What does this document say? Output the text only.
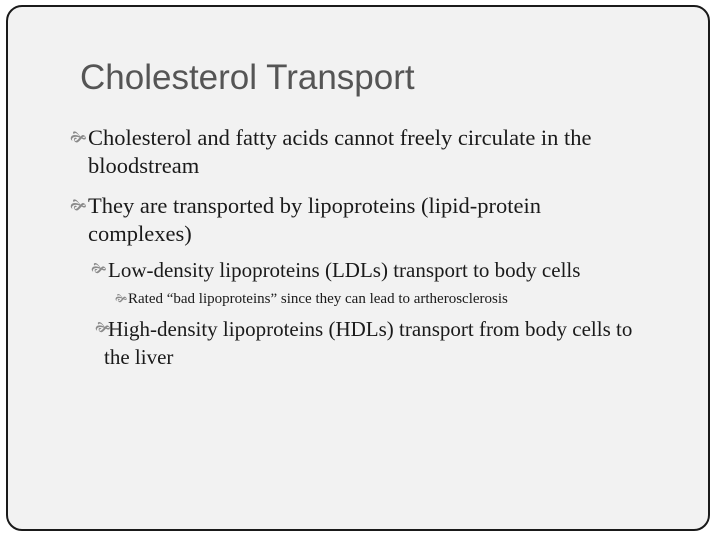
Cholesterol Transport
🙞 Cholesterol and fatty acids cannot freely circulate in the bloodstream
🙞 They are transported by lipoproteins (lipid-protein complexes)
🙞 Low-density lipoproteins (LDLs) transport to body cells
🙞 Rated “bad lipoproteins” since they can lead to artherosclerosis
🙞
High-density lipoproteins (HDLs) transport from body cells to the liver
